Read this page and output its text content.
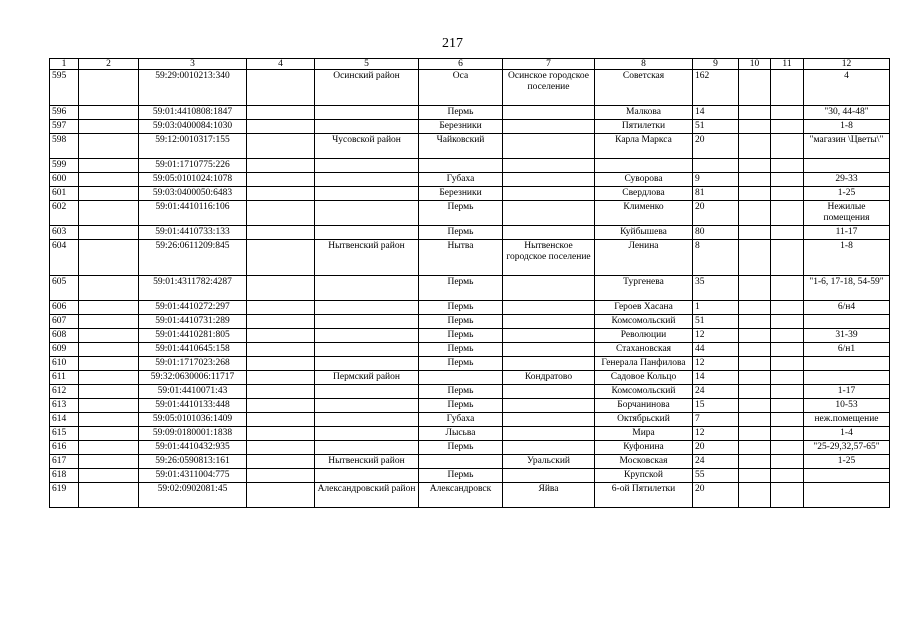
217
1	2	3	4	5	6	7	8	9	10	11	12
595		59:29:0010213:340		Осинский район	Оса	Осинское городское поселение	Советская	162			4
596		59:01:4410808:1847			Пермь		Малкова	14			"30, 44-48"
597		59:03:0400084:1030			Березники		Пятилетки	51			1-8
598		59:12:0010317:155		Чусовской район	Чайковский		Карла Маркса	20			"магазин \Цветы\"
599		59:01:1710775:226									
600		59:05:0101024:1078			Губаха		Суворова	9			29-33
601		59:03:0400050:6483			Березники		Свердлова	81			1-25
602		59:01:4410116:106			Пермь		Клименко	20			Нежилые помещения
603		59:01:4410733:133			Пермь		Куйбышева	80			11-17
604		59:26:0611209:845		Нытвенский район	Нытва	Нытвенское городское поселение	Ленина	8			1-8
605		59:01:4311782:4287			Пермь		Тургенева	35			"1-6, 17-18, 54-59"
606		59:01:4410272:297			Пермь		Героев Хасана	1			6/н4
607		59:01:4410731:289			Пермь		Комсомольский	51			
608		59:01:4410281:805			Пермь		Революции	12			31-39
609		59:01:4410645:158			Пермь		Стахановская	44			6/н1
610		59:01:1717023:268			Пермь		Генерала Панфилова	12			
611		59:32:0630006:11717		Пермский район		Кондратово	Садовое Кольцо	14			
612		59:01:4410071:43			Пермь		Комсомольский	24			1-17
613		59:01:4410133:448			Пермь		Борчаниновa	15			10-53
614		59:05:0101036:1409			Губаха		Октябрьский	7			неж.помещение
615		59:09:0180001:1838			Лысьва		Мира	12			1-4
616		59:01:4410432:935			Пермь		Куфонина	20			"25-29,32,57-65"
617		59:26:0590813:161		Нытвенский район		Уральский	Московская	24			1-25
618		59:01:4311004:775			Пермь		Крупской	55			
619		59:02:0902081:45		Александровский район	Александровск	Яйва	6-ой Пятилетки	20			
